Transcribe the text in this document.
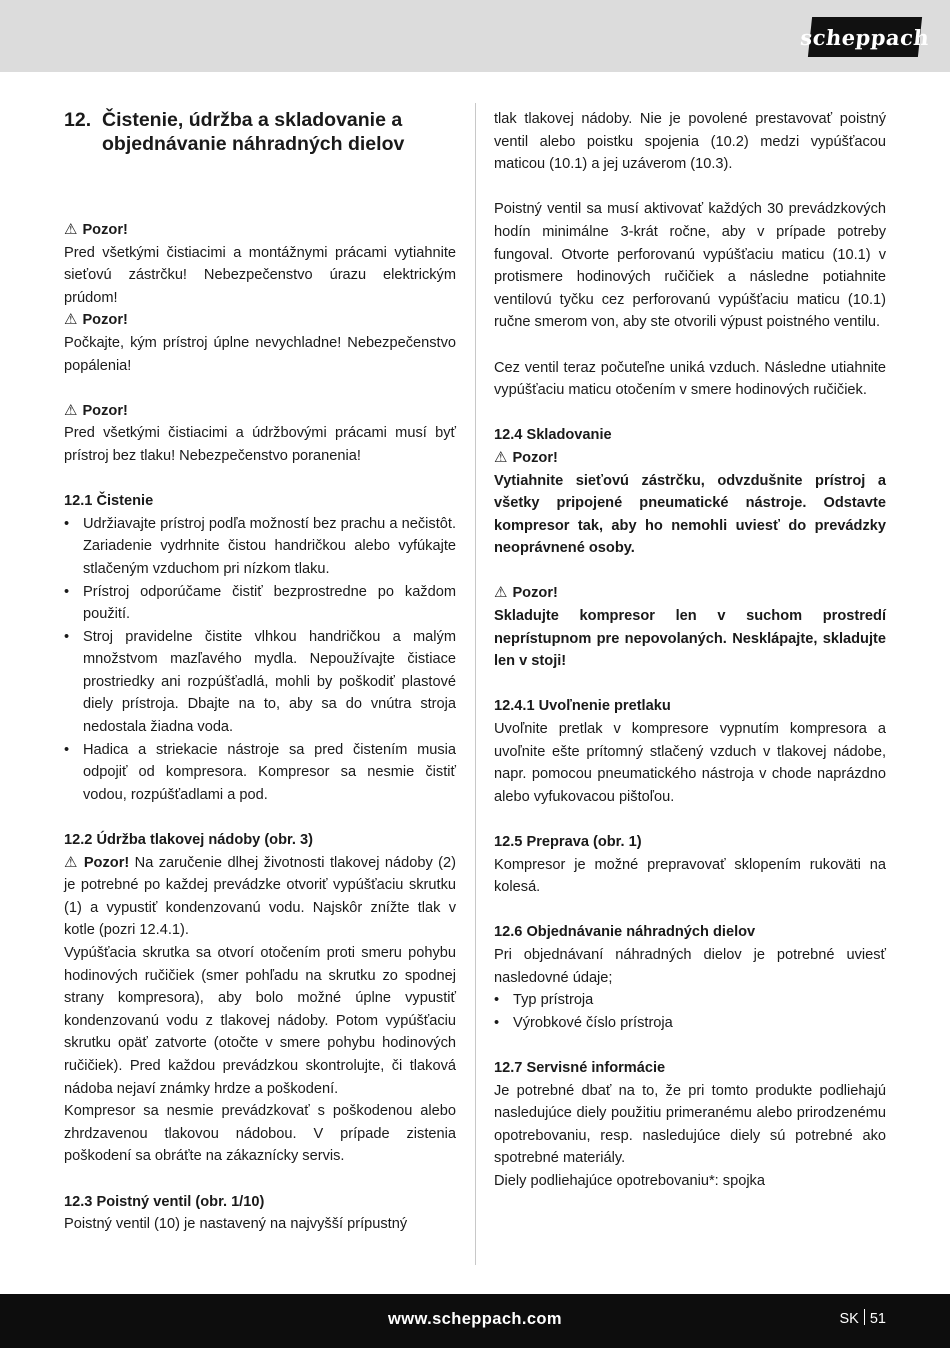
scheppach
12. Čistenie, údržba a skladovanie a objednávanie náhradných dielov

⚠ Pozor!

Pred všetkými čistiacimi a montážnymi prácami vytiahnite sieťovú zástrčku! Nebezpečenstvo úrazu elektrickým prúdom!

⚠ Pozor!

Počkajte, kým prístroj úplne nevychladne! Nebezpečenstvo popálenia!

⚠ Pozor!

Pred všetkými čistiacimi a údržbovými prácami musí byť prístroj bez tlaku! Nebezpečenstvo poranenia!

12.1 Čistenie

• Udržiavajte prístroj podľa možností bez prachu a nečistôt. Zariadenie vydrhnite čistou handričkou alebo vyfúkajte stlačeným vzduchom pri nízkom tlaku.
• Prístroj odporúčame čistiť bezprostredne po každom použití.
• Stroj pravidelne čistite vlhkou handričkou a malým množstvom mazľavého mydla. Nepoužívajte čistiace prostriedky ani rozpúšťadlá, mohli by poškodiť plastové diely prístroja. Dbajte na to, aby sa do vnútra stroja nedostala žiadna voda.
• Hadica a striekacie nástroje sa pred čistením musia odpojiť od kompresora. Kompresor sa nesmie čistiť vodou, rozpúšťadlami a pod.

12.2 Údržba tlakovej nádoby (obr. 3)

⚠ Pozor! Na zaručenie dlhej životnosti tlakovej nádoby (2) je potrebné po každej prevádzke otvoriť vypúšťaciu skrutku (1) a vypustiť kondenzovanú vodu. Najskôr znížte tlak v kotle (pozri 12.4.1).

Vypúšťacia skrutka sa otvorí otočením proti smeru pohybu hodinových ručičiek (smer pohľadu na skrutku zo spodnej strany kompresora), aby bolo možné úplne vypustiť kondenzovanú vodu z tlakovej nádoby. Potom vypúšťaciu skrutku opäť zatvorte (otočte v smere pohybu hodinových ručičiek). Pred každou prevádzkou skontrolujte, či tlaková nádoba nejaví známky hrdze a poškodení.

Kompresor sa nesmie prevádzkovať s poškodenou alebo zhrdzavenou tlakovou nádobou. V prípade zistenia poškodení sa obráťte na zákaznícky servis.

12.3 Poistný ventil (obr. 1/10)

Poistný ventil (10) je nastavený na najvyšší prípustný

tlak tlakovej nádoby. Nie je povolené prestavovať poistný ventil alebo poistku spojenia (10.2) medzi vypúšťacou maticou (10.1) a jej uzáverom (10.3).

Poistný ventil sa musí aktivovať každých 30 prevádzkových hodín minimálne 3-krát ročne, aby v prípade potreby fungoval. Otvorte perforovanú vypúšťaciu maticu (10.1) v protismere hodinových ručičiek a následne potiahnite ventilovú tyčku cez perforovanú vypúšťaciu maticu (10.1) ručne smerom von, aby ste otvorili výpust poistného ventilu.

Cez ventil teraz počuteľne uniká vzduch. Následne utiahnite vypúšťaciu maticu otočením v smere hodinových ručičiek.

12.4 Skladovanie

⚠ Pozor!

Vytiahnite sieťovú zástrčku, odvzdušnite prístroj a všetky pripojené pneumatické nástroje. Odstavte kompresor tak, aby ho nemohli uviesť do prevádzky neoprávnené osoby.

⚠ Pozor!

Skladujte kompresor len v suchom prostredí neprístupnom pre nepovolaných. Nesklápajte, skladujte len v stoji!

12.4.1 Uvoľnenie pretlaku

Uvoľnite pretlak v kompresore vypnutím kompresora a uvoľnite ešte prítomný stlačený vzduch v tlakovej nádobe, napr. pomocou pneumatického nástroja v chode naprázdno alebo vyfukovacou pištoľou.

12.5 Preprava (obr. 1)

Kompresor je možné prepravovať sklopením rukoväti na kolesá.

12.6 Objednávanie náhradných dielov

Pri objednávaní náhradných dielov je potrebné uviesť nasledovné údaje;

• Typ prístroja
• Výrobkové číslo prístroja

12.7 Servisné informácie

Je potrebné dbať na to, že pri tomto produkte podliehajú nasledujúce diely použitiu primeranému alebo prirodzenému opotrebovaniu, resp. nasledujúce diely sú potrebné ako spotrebné materiály.

Diely podliehajúce opotrebovaniu*: spojka

www.scheppach.com	SK 51
